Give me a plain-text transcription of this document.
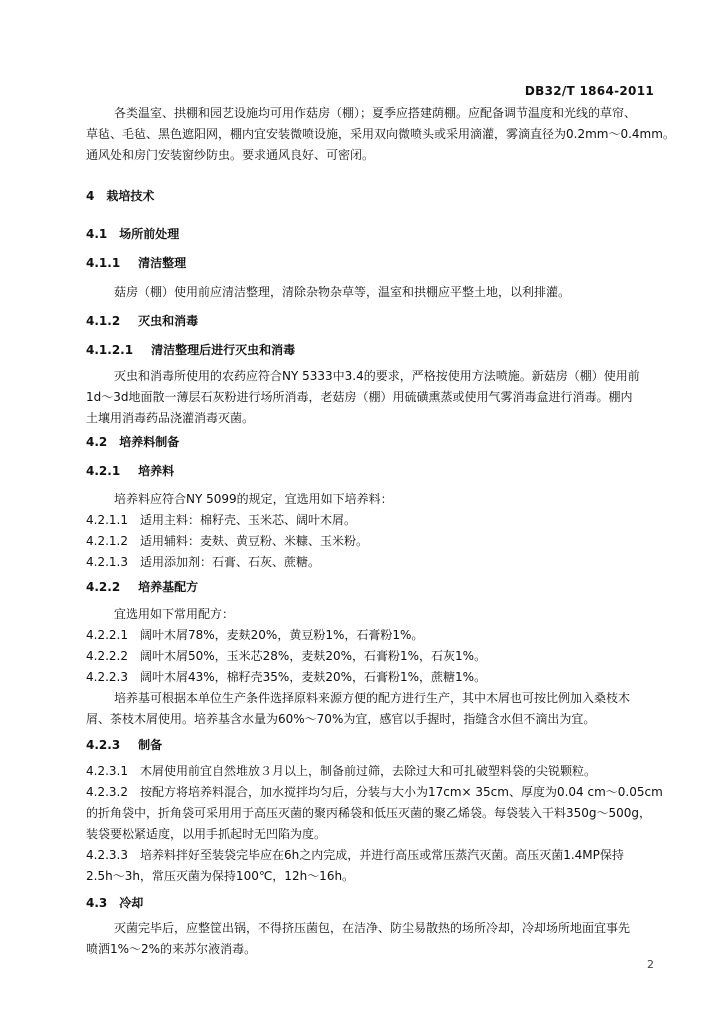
DB32/T 1864-2011
各类温室、拱棚和园艺设施均可用作菇房（棚）；夏季应搭建荫棚。应配备调节温度和光线的草帘、
草毡、毛毡、黑色遮阳网，棚内宜安装微喷设施，采用双向微喷头或采用滴灌，雾滴直径为0.2mm～0.4mm。
通风处和房门安装窗纱防虫。要求通风良好、可密闭。
4 栽培技术
4.1 场所前处理
4.1.1 清洁整理
菇房（棚）使用前应清洁整理，清除杂物杂草等，温室和拱棚应平整土地，以利排灌。
4.1.2 灭虫和消毒
4.1.2.1 清洁整理后进行灭虫和消毒
灭虫和消毒所使用的农药应符合NY 5333中3.4的要求，严格按使用方法喷施。新菇房（棚）使用前
1d～3d地面散一薄层石灰粉进行场所消毒，老菇房（棚）用硫磺熏蒸或使用气雾消毒盒进行消毒。棚内
土壤用消毒药品浇灌消毒灭菌。
4.2 培养料制备
4.2.1 培养料
培养料应符合NY 5099的规定，宜选用如下培养料：
4.2.1.1 适用主料：棉籽壳、玉米芯、阔叶木屑。
4.2.1.2 适用辅料：麦麸、黄豆粉、米糠、玉米粉。
4.2.1.3 适用添加剂：石膏、石灰、蔗糖。
4.2.2 培养基配方
宜选用如下常用配方：
4.2.2.1 阔叶木屑78%，麦麸20%，黄豆粉1%，石膏粉1%。
4.2.2.2 阔叶木屑50%，玉米芯28%，麦麸20%，石膏粉1%，石灰1%。
4.2.2.3 阔叶木屑43%，棉籽壳35%，麦麸20%，石膏粉1%，蔗糖1%。
培养基可根据本单位生产条件选择原料来源方便的配方进行生产，其中木屑也可按比例加入桑枝木
屑、茶枝木屑使用。培养基含水量为60%～70%为宜，感官以手握时，指缝含水但不滴出为宜。
4.2.3 制备
4.2.3.1 木屑使用前宜自然堆放３月以上，制备前过筛，去除过大和可扎破塑料袋的尖锐颗粒。
4.2.3.2 按配方将培养料混合，加水搅拌均匀后，分装与大小为17cm× 35cm、厚度为0.04 cm～0.05cm
的折角袋中，折角袋可采用用于高压灭菌的聚丙稀袋和低压灭菌的聚乙烯袋。每袋装入干料350g～500g，
装袋要松紧适度，以用手抓起时无凹陷为度。
4.2.3.3 培养料拌好至装袋完毕应在6h之内完成，并进行高压或常压蒸汽灭菌。高压灭菌1.4MP保持
2.5h～3h，常压灭菌为保持100℃，12h～16h。
4.3 冷却
灭菌完毕后，应整筐出锅，不得挤压菌包，在洁净、防尘易散热的场所冷却，冷却场所地面宜事先
喷洒1%～2%的来苏尔液消毒。
2
